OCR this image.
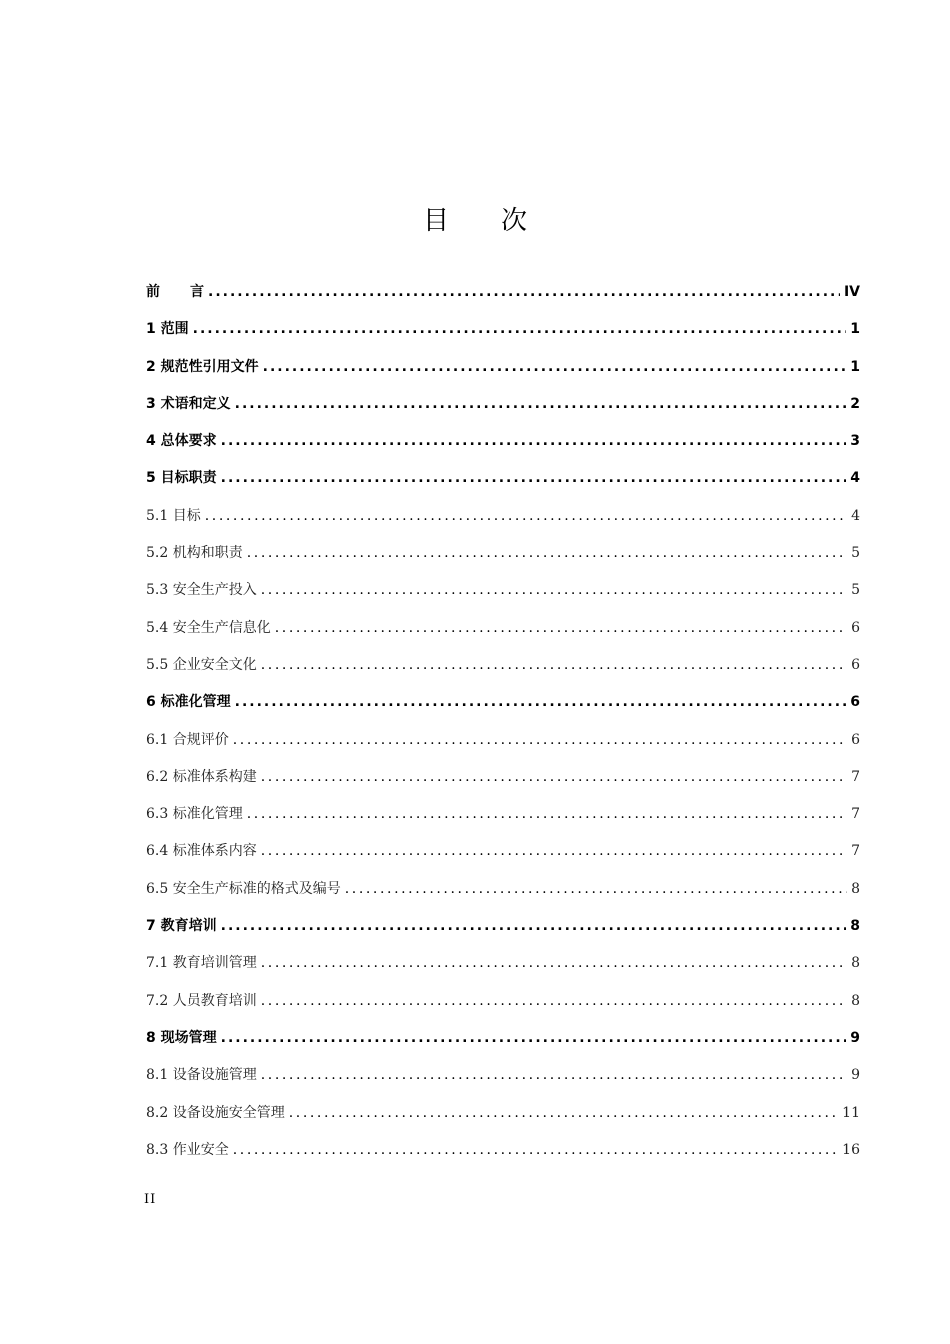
目 次
前 言 .....	IV
1 范围 .....	1
2 规范性引用文件 .....	1
3 术语和定义 .....	2
4 总体要求 .....	3
5 目标职责 .....	4
5.1 目标 .....	4
5.2 机构和职责 .....	5
5.3 安全生产投入 .....	5
5.4 安全生产信息化 .....	6
5.5 企业安全文化 .....	6
6 标准化管理 .....	6
6.1 合规评价 .....	6
6.2 标准体系构建 .....	7
6.3 标准化管理 .....	7
6.4 标准体系内容 .....	7
6.5 安全生产标准的格式及编号 .....	8
7 教育培训 .....	8
7.1 教育培训管理 .....	8
7.2 人员教育培训 .....	8
8 现场管理 .....	9
8.1 设备设施管理 .....	9
8.2 设备设施安全管理 .....	11
8.3 作业安全 .....	16
II
